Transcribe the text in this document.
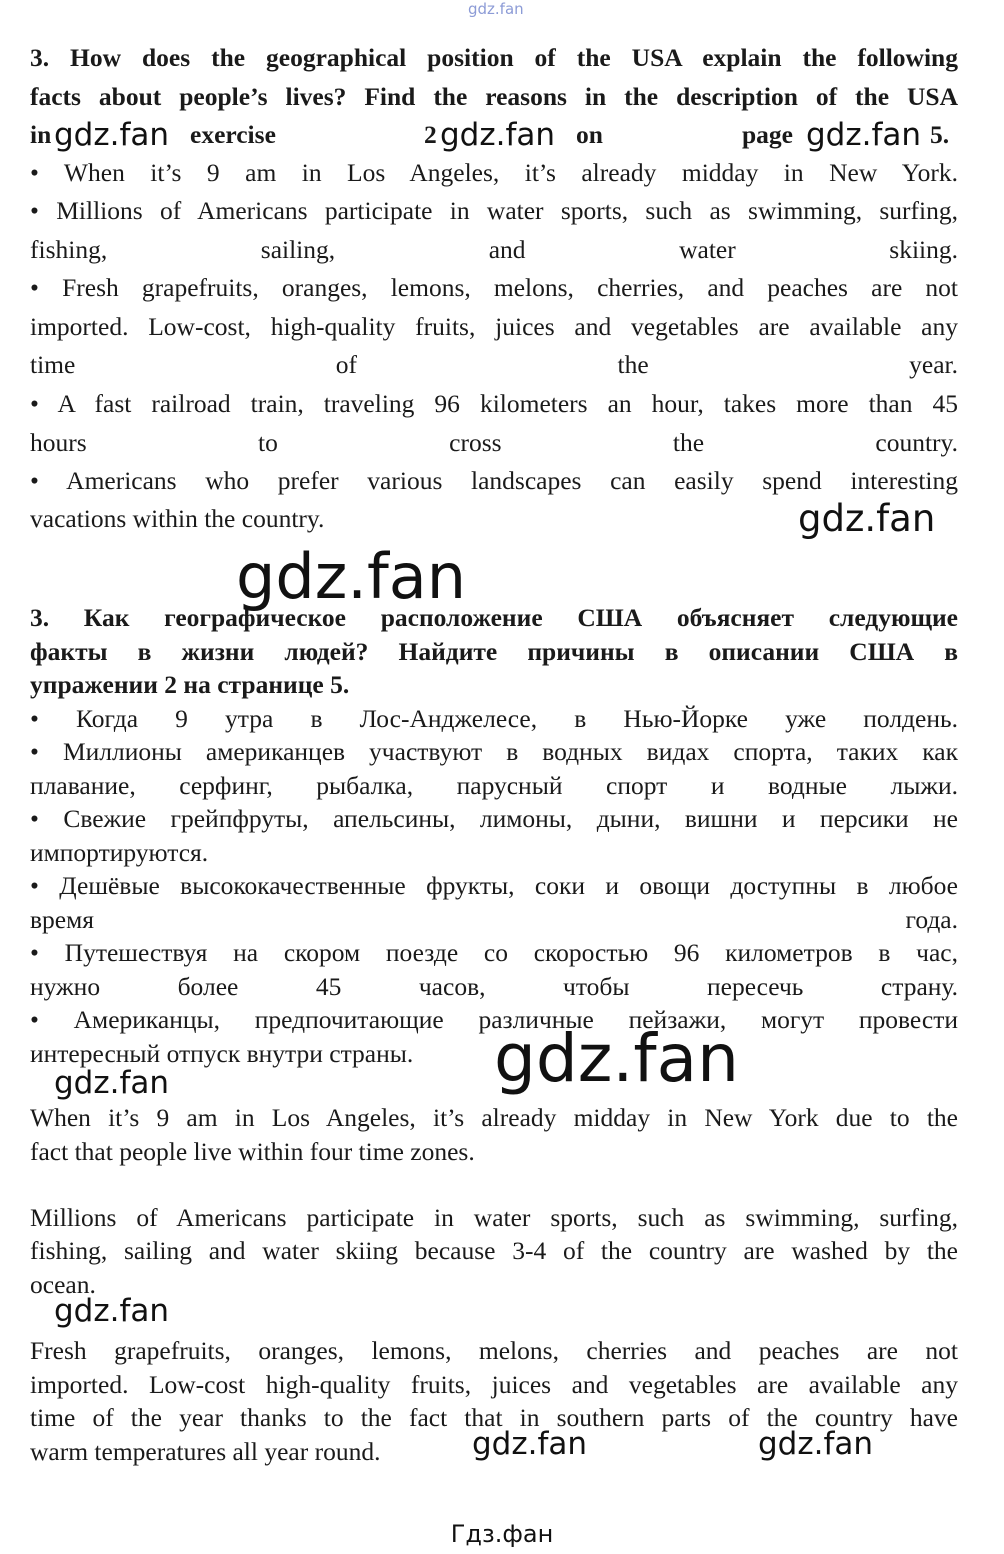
gdz.fan
3. How does the geographical position of the USA explain the following
facts about people’s lives? Find the reasons in the description of the USA
in	exercise	2	on	page	5.
• When it’s 9 am in Los Angeles, it’s already midday in New York.
• Millions of Americans participate in water sports, such as swimming, surfing,
fishing, sailing, and water skiing.
• Fresh grapefruits, oranges, lemons, melons, cherries, and peaches are not
imported. Low-cost, high-quality fruits, juices and vegetables are available any
time of the year.
• A fast railroad train, traveling 96 kilometers an hour, takes more than 45
hours to cross the country.
• Americans who prefer various landscapes can easily spend interesting
vacations within the country.
3. Как географическое расположение США объясняет следующие
факты в жизни людей? Найдите причины в описании США в
упражении 2 на странице 5.
• Когда 9 утра в Лос-Анджелесе, в Нью-Йорке уже полдень.
• Миллионы американцев участвуют в водных видах спорта, таких как
плавание, серфинг, рыбалка, парусный спорт и водные лыжи.
• Свежие грейпфруты, апельсины, лимоны, дыни, вишни и персики не
импортируются.
• Дешёвые высококачественные фрукты, соки и овощи доступны в любое
время года.
• Путешествуя на скором поезде со скоростью 96 километров в час,
нужно более 45 часов, чтобы пересечь страну.
• Американцы, предпочитающие различные пейзажи, могут провести
интересный отпуск внутри страны.
When it’s 9 am in Los Angeles, it’s already midday in New York due to the
fact that people live within four time zones.
Millions of Americans participate in water sports, such as swimming, surfing,
fishing, sailing and water skiing because 3-4 of the country are washed by the
ocean.
Fresh grapefruits, oranges, lemons, melons, cherries and peaches are not
imported. Low-cost high-quality fruits, juices and vegetables are available any
time of the year thanks to the fact that in southern parts of the country have
warm temperatures all year round.
gdz.fan	gdz.fan	gdz.fan
gdz.fan
gdz.fan
gdz.fan
gdz.fan
gdz.fan
gdz.fan	gdz.fan
Гдз.фан
